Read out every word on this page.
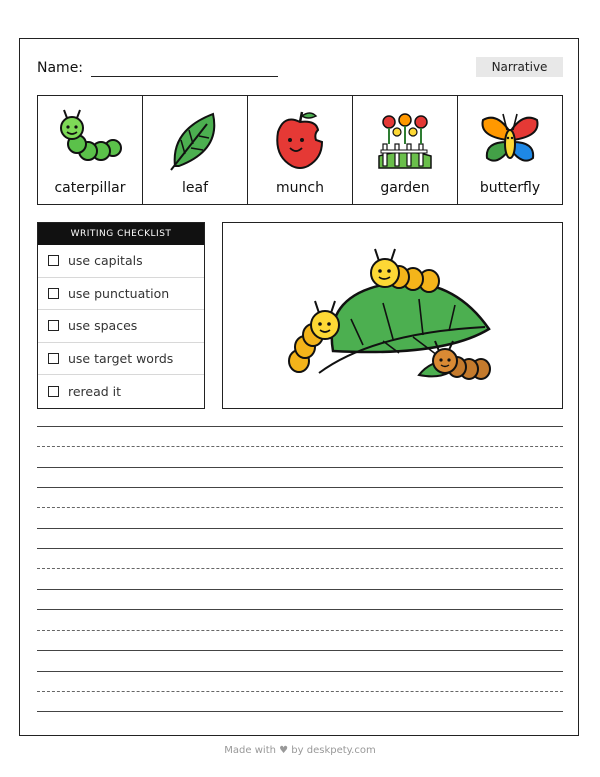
Name:	Narrative
caterpillar	leaf	munch	garden	butterfly
WRITING CHECKLIST
use capitals
use punctuation
use spaces
use target words
reread it
Made with ♥ by deskpety.com
